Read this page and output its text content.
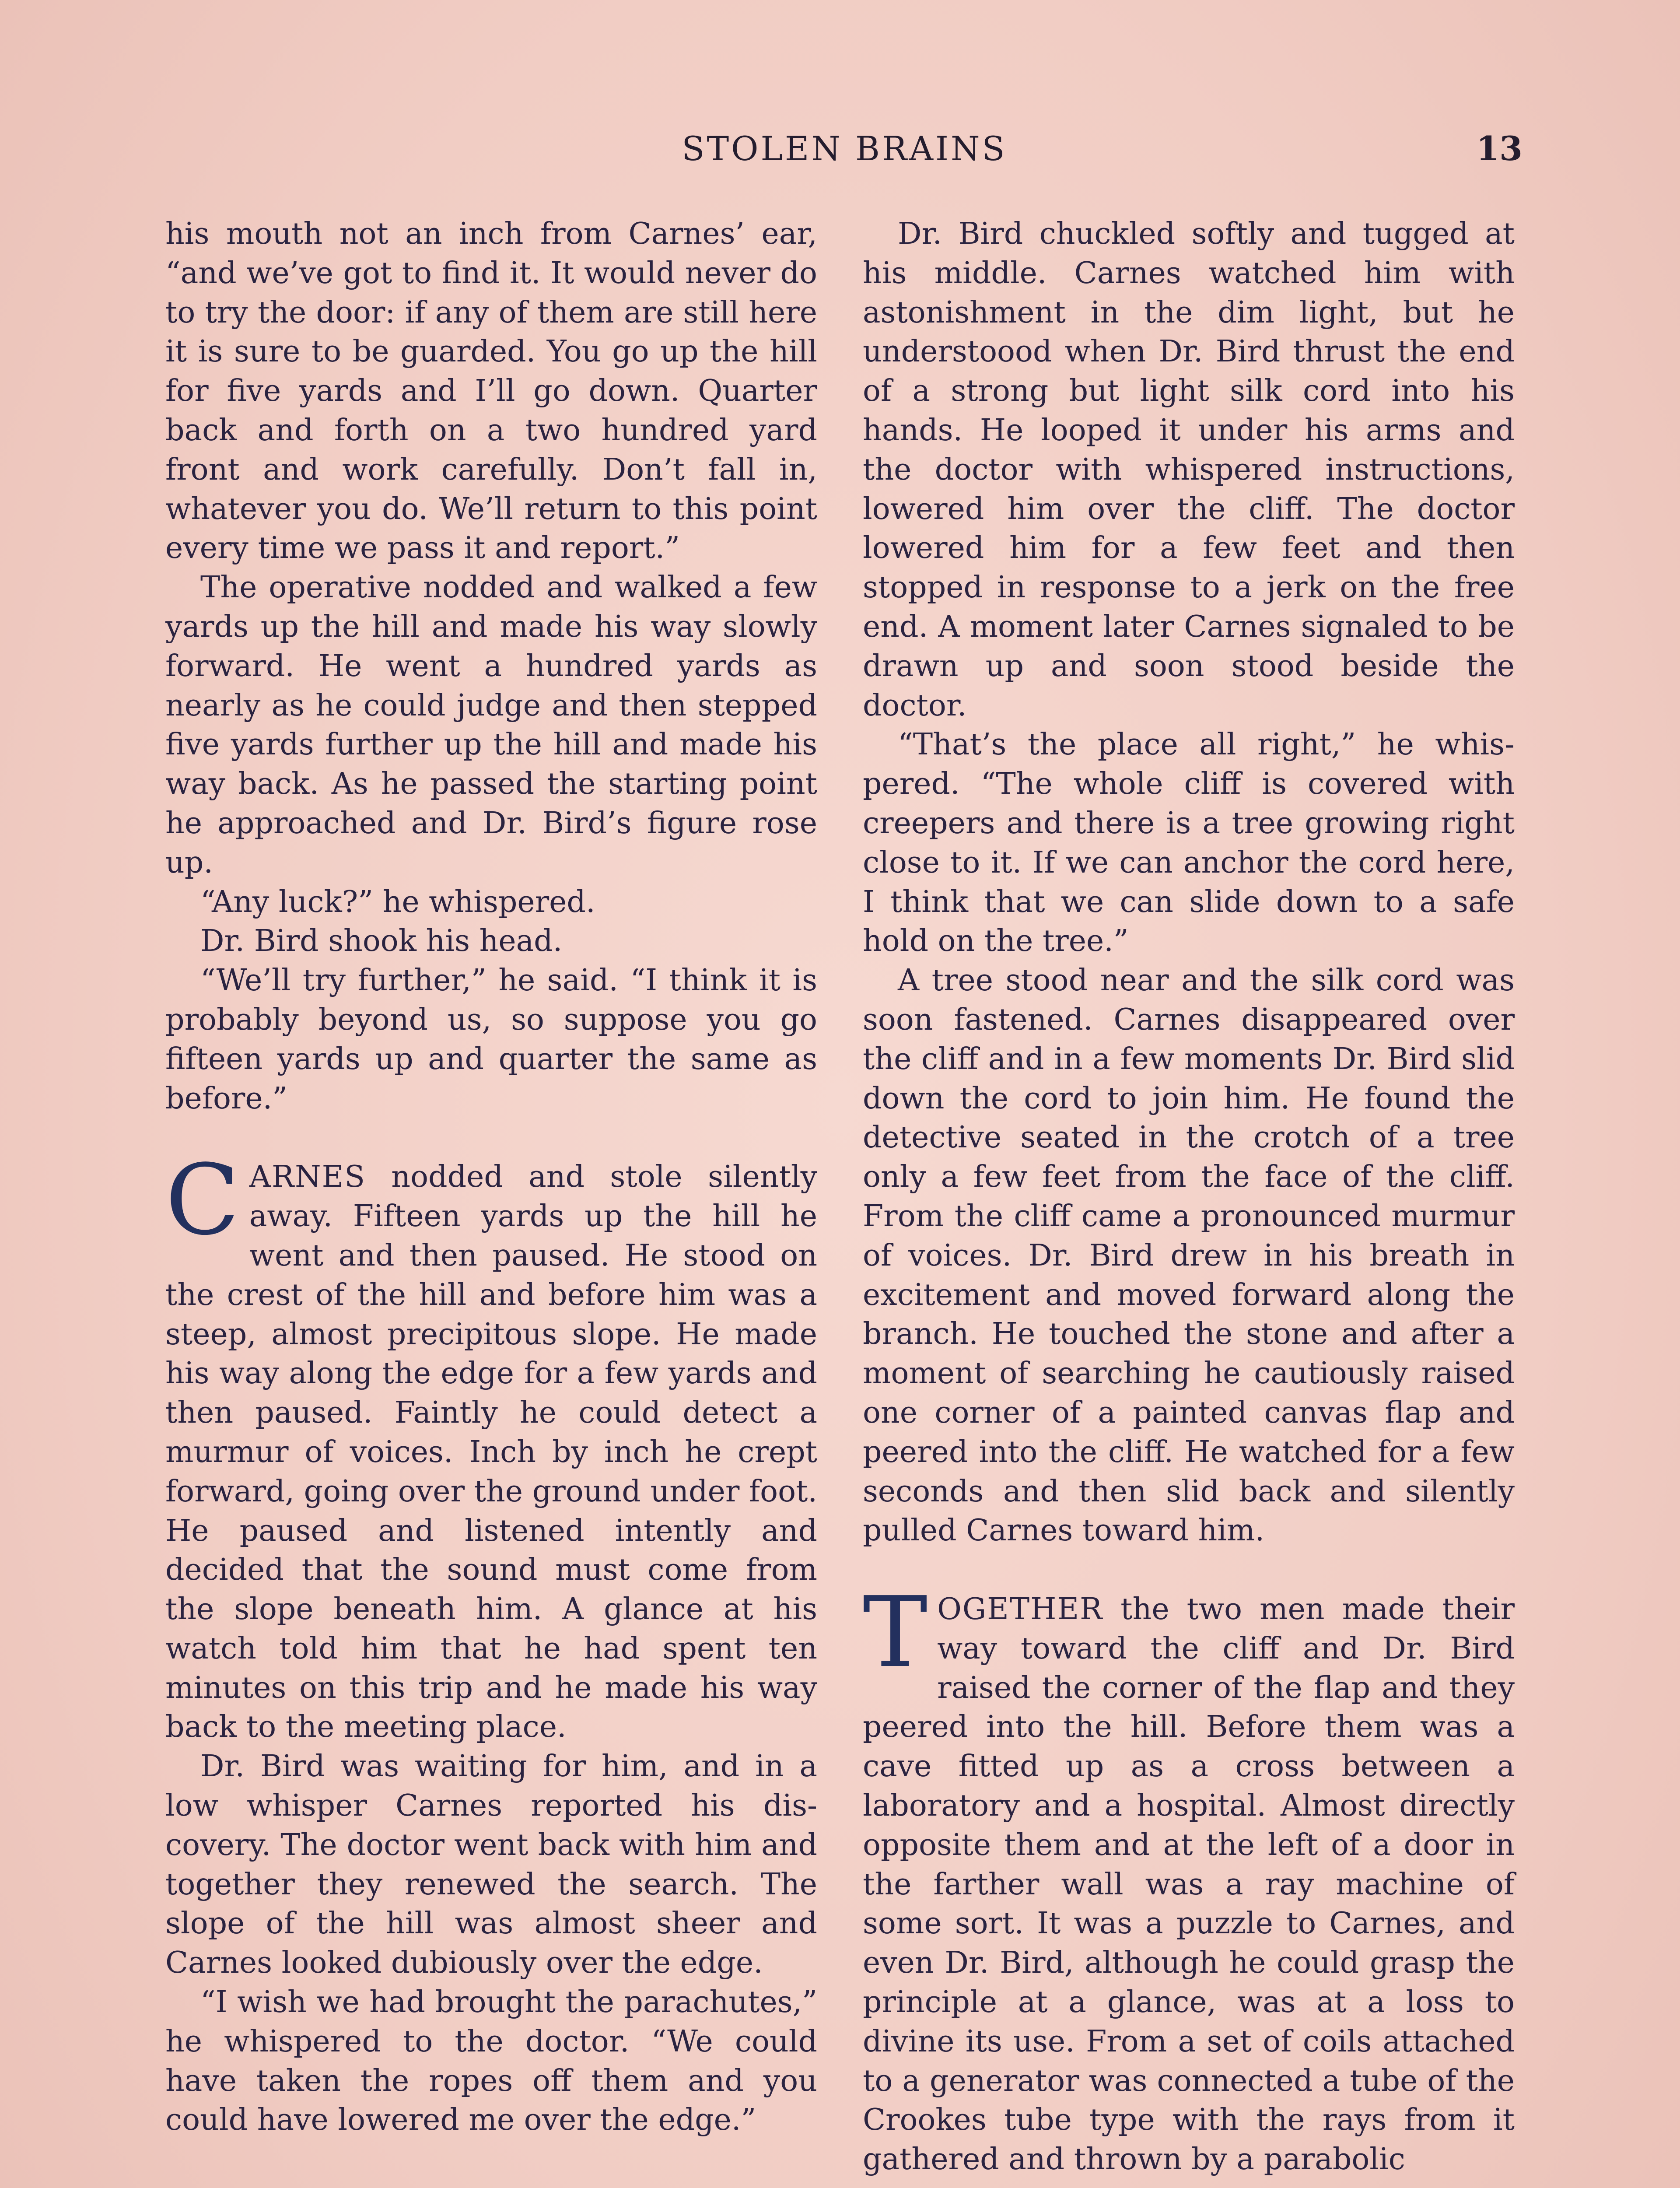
STOLEN BRAINS	13

his mouth not an inch from Carnes’ ear, “and we’ve got to find it. It would never do to try the door: if any of them are still here it is sure to be guarded. You go up the hill for five yards and I’ll go down. Quarter back and forth on a two hundred yard front and work carefully. Don’t fall in, whatever you do. We’ll return to this point every time we pass it and report.”

The operative nodded and walked a few yards up the hill and made his way slowly forward. He went a hundred yards as nearly as he could judge and then stepped five yards further up the hill and made his way back. As he passed the starting point he approached and Dr. Bird’s figure rose up.

“Any luck?” he whispered.

Dr. Bird shook his head.

“We’ll try further,” he said. “I think it is probably beyond us, so suppose you go fifteen yards up and quarter the same as before.”

CARNES nodded and stole silently away. Fifteen yards up the hill he went and then paused. He stood on the crest of the hill and before him was a steep, almost precipitous slope. He made his way along the edge for a few yards and then paused. Faintly he could detect a murmur of voices. Inch by inch he crept forward, going over the ground under foot. He paused and listened intently and decided that the sound must come from the slope beneath him. A glance at his watch told him that he had spent ten minutes on this trip and he made his way back to the meeting place.

Dr. Bird was waiting for him, and in a low whisper Carnes reported his discovery. The doctor went back with him and together they renewed the search. The slope of the hill was almost sheer and Carnes looked dubiously over the edge.

“I wish we had brought the parachutes,” he whispered to the doctor. “We could have taken the ropes off them and you could have lowered me over the edge.”

Dr. Bird chuckled softly and tugged at his middle. Carnes watched him with astonishment in the dim light, but he understoood when Dr. Bird thrust the end of a strong but light silk cord into his hands. He looped it under his arms and the doctor with whispered instructions, lowered him over the cliff. The doctor lowered him for a few feet and then stopped in response to a jerk on the free end. A moment later Carnes signaled to be drawn up and soon stood beside the doctor.

“That’s the place all right,” he whispered. “The whole cliff is covered with creepers and there is a tree growing right close to it. If we can anchor the cord here, I think that we can slide down to a safe hold on the tree.”

A tree stood near and the silk cord was soon fastened. Carnes disappeared over the cliff and in a few moments Dr. Bird slid down the cord to join him. He found the detective seated in the crotch of a tree only a few feet from the face of the cliff. From the cliff came a pronounced murmur of voices. Dr. Bird drew in his breath in excitement and moved forward along the branch. He touched the stone and after a moment of searching he cautiously raised one corner of a painted canvas flap and peered into the cliff. He watched for a few seconds and then slid back and silently pulled Carnes toward him.

TOGETHER the two men made their way toward the cliff and Dr. Bird raised the corner of the flap and they peered into the hill. Before them was a cave fitted up as a cross between a laboratory and a hospital. Almost directly opposite them and at the left of a door in the farther wall was a ray machine of some sort. It was a puzzle to Carnes, and even Dr. Bird, although he could grasp the principle at a glance, was at a loss to divine its use. From a set of coils attached to a generator was connected a tube of the Crookes tube type with the rays from it gathered and thrown by a parabolic
